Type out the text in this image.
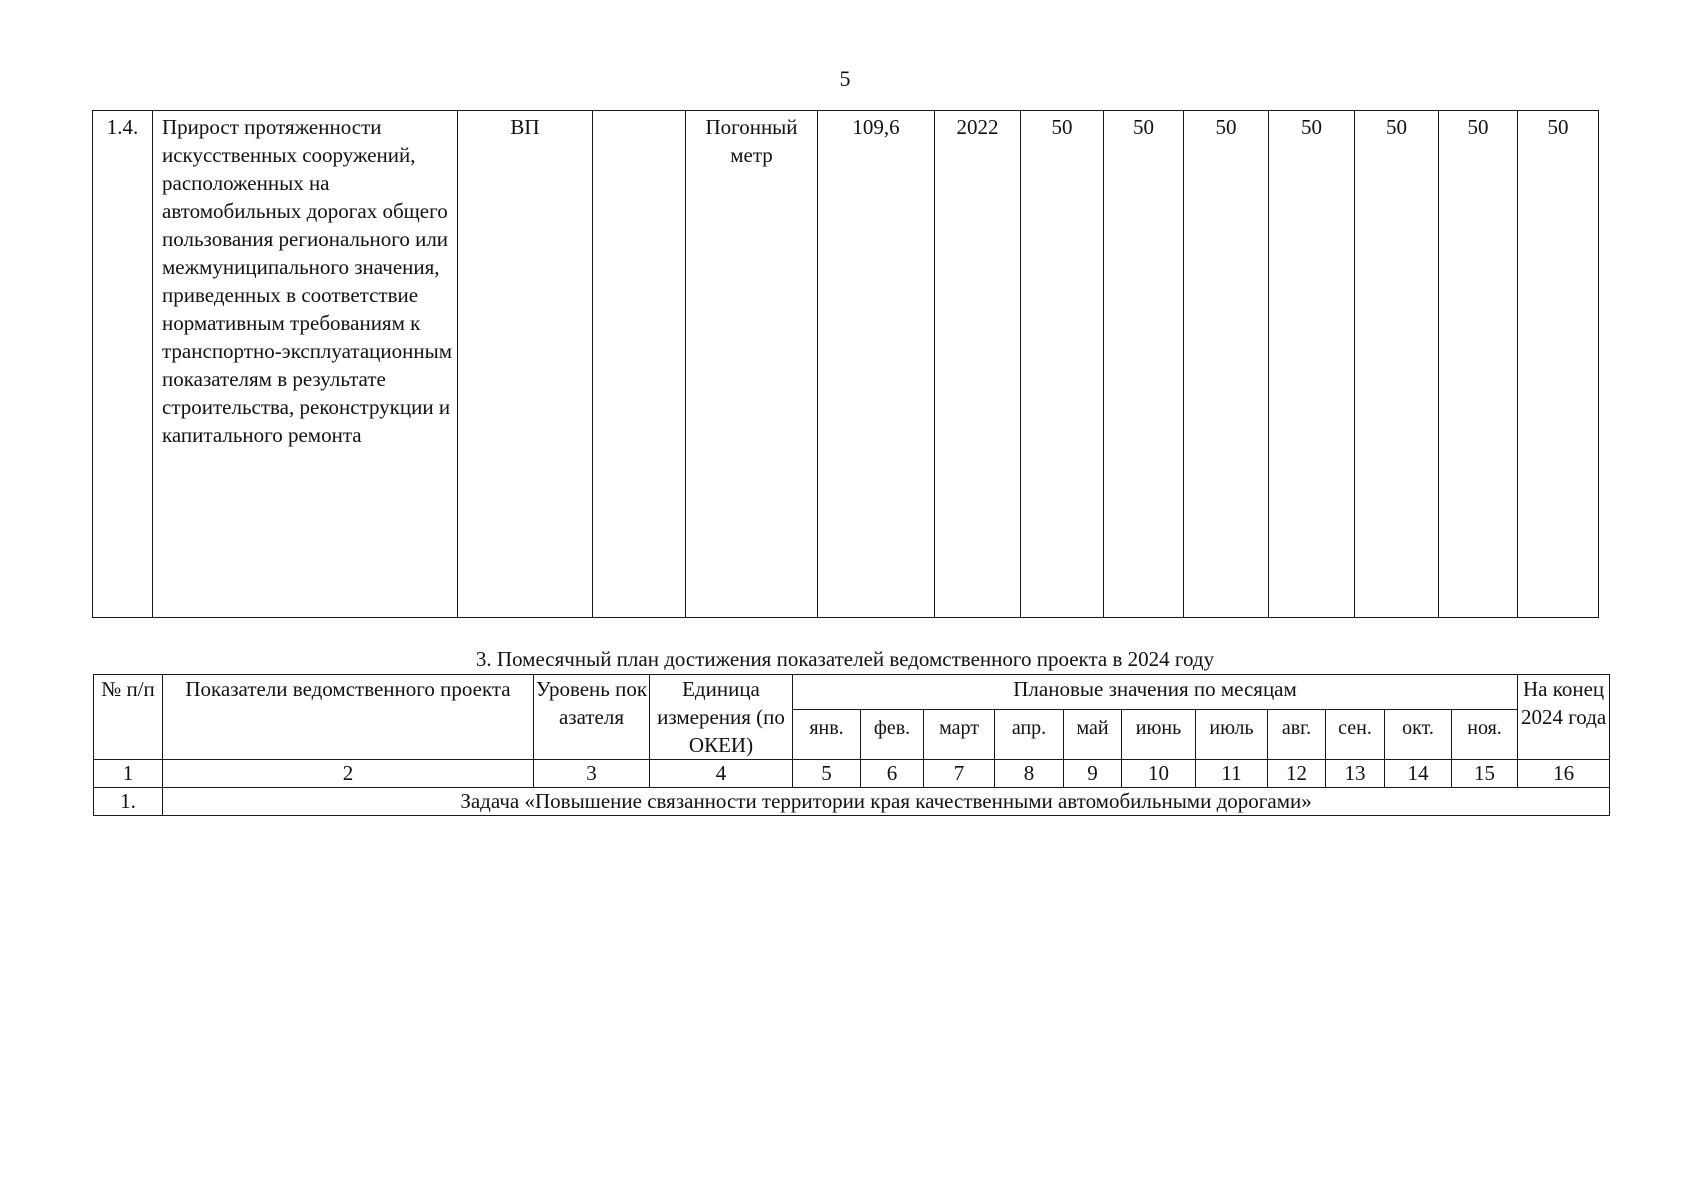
5
1.4.	Прирост протяженности искусственных сооружений, расположенных на автомобильных дорогах общего пользования регионального или межмуниципального значения, приведенных в соответствие нормативным требованиям к транспортно-эксплуатационным показателям в результате строительства, реконструкции и капитального ремонта	ВП		Погонный метр	109,6	2022	50	50	50	50	50	50	50
3. Помесячный план достижения показателей ведомственного проекта в 2024 году
№ п/п	Показатели ведомственного проекта	Уровень показателя	Единица измерения (по ОКЕИ)	Плановые значения по месяцам											На конец 2024 года
				янв.	фев.	март	апр.	май	июнь	июль	авг.	сен.	окт.	ноя.	
1	2	3	4	5	6	7	8	9	10	11	12	13	14	15	16
1.	Задача «Повышение связанности территории края качественными автомобильными дорогами»														
